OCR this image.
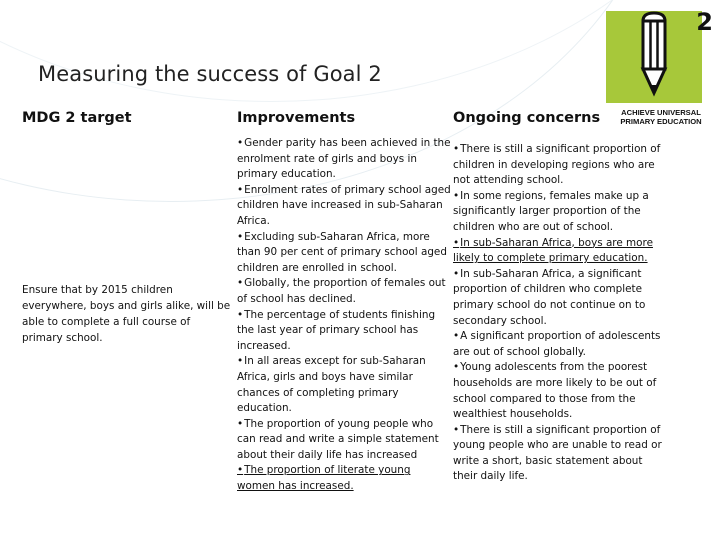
Measuring the success of Goal 2
MDG 2 target	Improvements	Ongoing concerns
Ensure that by 2015 children everywhere, boys and girls alike, will be able to complete a full course of primary school.
•Gender parity has been achieved in the enrolment rate of girls and boys in primary education.
•Enrolment rates of primary school aged children have increased in sub-Saharan Africa.
•Excluding sub-Saharan Africa, more than 90 per cent of primary school aged children are enrolled in school.
•Globally, the proportion of females out of school has declined.
•The percentage of students finishing the last year of primary school has increased.
•In all areas except for sub-Saharan Africa, girls and boys have similar chances of completing primary education.
•The proportion of young people who can read and write a simple statement about their daily life has increased
•The proportion of literate young women has increased.
•There is still a significant proportion of children in developing regions who are not attending school.
•In some regions, females make up a significantly larger proportion of the children who are out of school.
•In sub-Saharan Africa, boys are more likely to complete primary education.
•In sub-Saharan Africa, a significant proportion of children who complete primary school do not continue on to secondary school.
•A significant proportion of adolescents are out of school globally.
•Young adolescents from the poorest households are more likely to be out of school compared to those from the wealthiest households.
•There is still a significant proportion of young people who are unable to read or write a short, basic statement about their daily life.
2
ACHIEVE UNIVERSAL
PRIMARY EDUCATION
